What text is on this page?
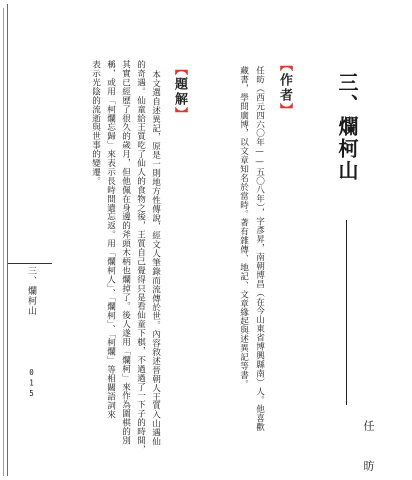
三、爛柯山
任　昉
【作者】
任昉（西元四六〇年——五〇八年），字彥昇，南朝博昌（在今山東省博興縣南）人。他喜歡
藏書，學問廣博，以文章知名於當時。著有雜傳、地記、文章緣起與述異記等書。
【題解】
本文選自述異記，原是一則地方性傳說，經文人筆錄而流傳於世。內容敘述晉朝人王質入山遇仙
的奇遇。仙童給王質吃了仙人的食物之後，王質自己覺得只是看仙童下棋，不過過了一下子的時間，
其實已經歷了很久的歲月，但他佩在身邊的斧頭木柄也爛掉了。後人遂用「爛柯」來作為圍棋的別
稱，或用「柯爛忘歸」來表示長時間遺忘返。用「爛柯人」、「爛柯」、「柯爛」等相關語詞來
表示光陰的流逝與世事的變遷。
三、爛柯山
015
